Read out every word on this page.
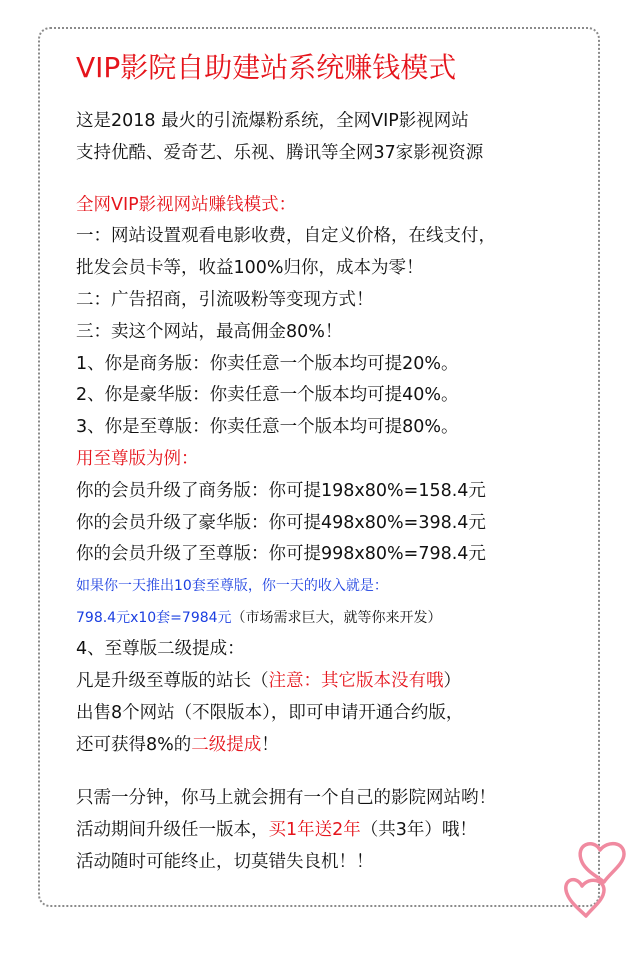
VIP影院自助建站系统赚钱模式
这是2018 最火的引流爆粉系统，全网VIP影视网站
支持优酷、爱奇艺、乐视、腾讯等全网37家影视资源
全网VIP影视网站赚钱模式：
一：网站设置观看电影收费，自定义价格，在线支付，
批发会员卡等，收益100%归你，成本为零！
二：广告招商，引流吸粉等变现方式！
三：卖这个网站，最高佣金80%！
1、你是商务版：你卖任意一个版本均可提20%。
2、你是豪华版：你卖任意一个版本均可提40%。
3、你是至尊版：你卖任意一个版本均可提80%。
用至尊版为例：
你的会员升级了商务版：你可提198x80%=158.4元
你的会员升级了豪华版：你可提498x80%=398.4元
你的会员升级了至尊版：你可提998x80%=798.4元
如果你一天推出10套至尊版，你一天的收入就是：
798.4元x10套=7984元（市场需求巨大，就等你来开发）
4、至尊版二级提成：
凡是升级至尊版的站长（注意：其它版本没有哦）
出售8个网站（不限版本），即可申请开通合约版，
还可获得8%的二级提成！
只需一分钟，你马上就会拥有一个自己的影院网站哟！
活动期间升级任一版本，买1年送2年（共3年）哦！
活动随时可能终止，切莫错失良机！！
